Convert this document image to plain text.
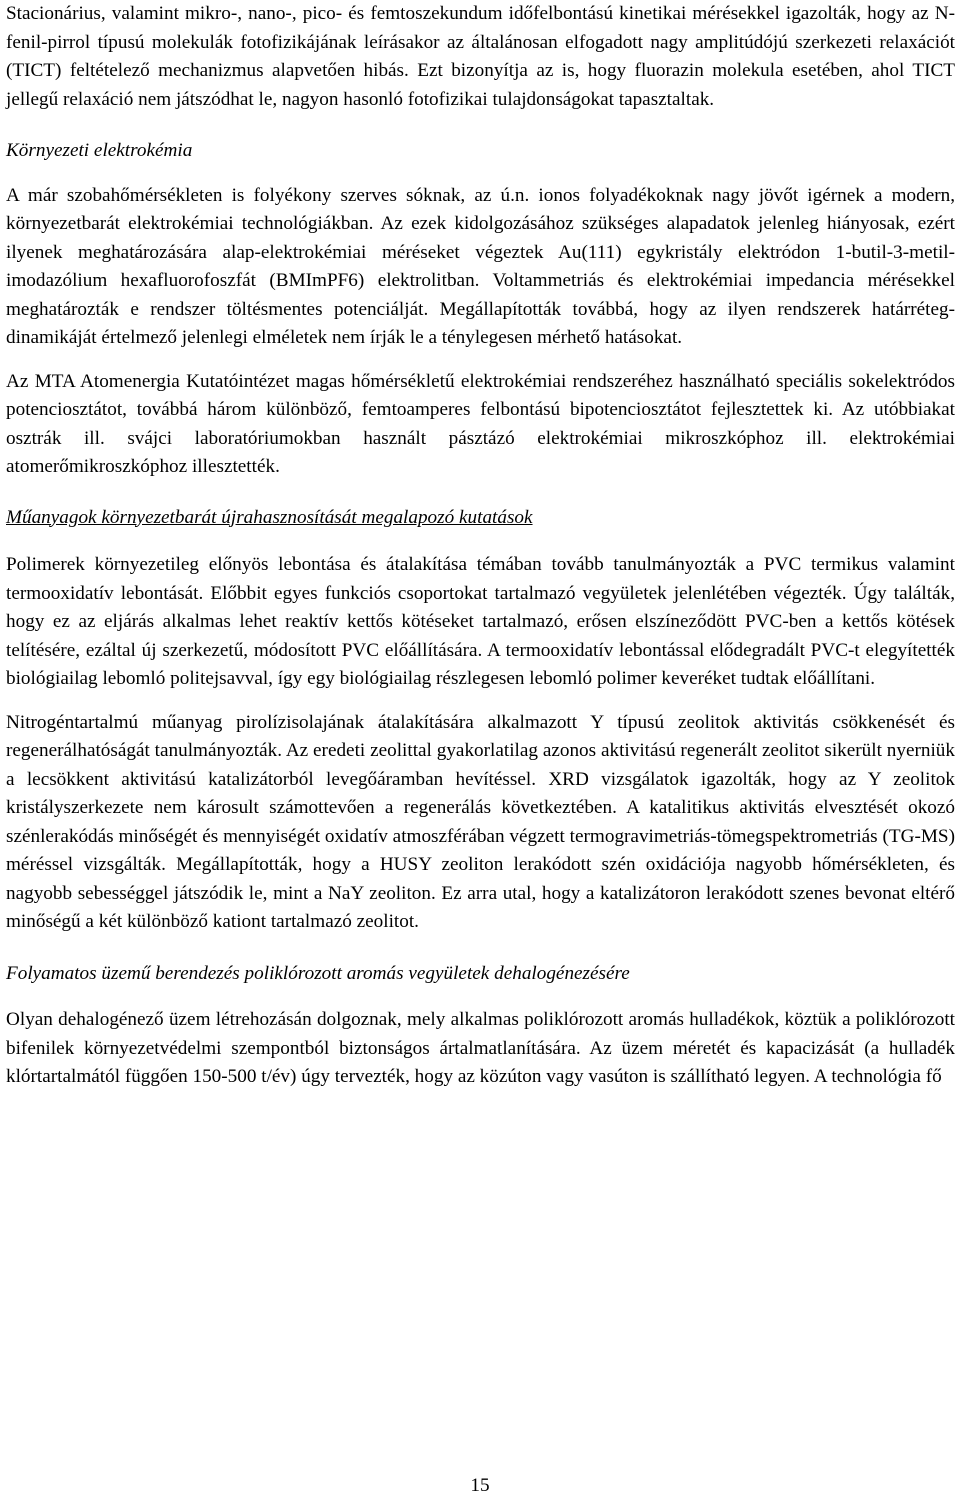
Stacionárius, valamint mikro-, nano-, pico- és femtoszekundum időfelbontású kinetikai mérésekkel igazolták, hogy az N-fenil-pirrol típusú molekulák fotofizikájának leírásakor az általánosan elfogadott nagy amplitúdójú szerkezeti relaxációt (TICT) feltételező mechanizmus alapvetően hibás. Ezt bizonyítja az is, hogy fluorazin molekula esetében, ahol TICT jellegű relaxáció nem játszódhat le, nagyon hasonló fotofizikai tulajdonságokat tapasztaltak.

Környezeti elektrokémia

A már szobahőmérsékleten is folyékony szerves sóknak, az ú.n. ionos folyadékoknak nagy jövőt igérnek a modern, környezetbarát elektrokémiai technológiákban. Az ezek kidolgozásához szükséges alapadatok jelenleg hiányosak, ezért ilyenek meghatározására alap-elektrokémiai méréseket végeztek Au(111) egykristály elektródon 1-butil-3-metil-imodazólium hexafluorofoszfát (BMImPF6) elektrolitban. Voltammetriás és elektrokémiai impedancia mérésekkel meghatározták e rendszer töltésmentes potenciálját. Megállapították továbbá, hogy az ilyen rendszerek határréteg-dinamikáját értelmező jelenlegi elméletek nem írják le a ténylegesen mérhető hatásokat.

Az MTA Atomenergia Kutatóintézet magas hőmérsékletű elektrokémiai rendszeréhez használható speciális sokelektródos potenciosztátot, továbbá három különböző, femtoamperes felbontású bipotenciosztátot fejlesztettek ki. Az utóbbiakat osztrák ill. svájci laboratóriumokban használt pásztázó elektrokémiai mikroszkóphoz ill. elektrokémiai atomerőmikroszkóphoz illesztették.

Műanyagok környezetbarát újrahasznosítását megalapozó kutatások

Polimerek környezetileg előnyös lebontása és átalakítása témában tovább tanulmányozták a PVC termikus valamint termooxidatív lebontását. Előbbit egyes funkciós csoportokat tartalmazó vegyületek jelenlétében végezték. Úgy találták, hogy ez az eljárás alkalmas lehet reaktív kettős kötéseket tartalmazó, erősen elszíneződött PVC-ben a kettős kötések telítésére, ezáltal új szerkezetű, módosított PVC előállítására. A termooxidatív lebontással elődegradált PVC-t elegyítették biológiailag lebomló politejsavval, így egy biológiailag részlegesen lebomló polimer keveréket tudtak előállítani.

Nitrogéntartalmú műanyag pirolízisolajának átalakítására alkalmazott Y típusú zeolitok aktivitás csökkenését és regenerálhatóságát tanulmányozták. Az eredeti zeolittal gyakorlatilag azonos aktivitású regenerált zeolitot sikerült nyerniük a lecsökkent aktivitású katalizátorból levegőáramban hevítéssel. XRD vizsgálatok igazolták, hogy az Y zeolitok kristályszerkezete nem károsult számottevően a regenerálás következtében. A katalitikus aktivitás elvesztését okozó szénlerakódás minőségét és mennyiségét oxidatív atmoszférában végzett termogravimetriás-tömegspektrometriás (TG-MS) méréssel vizsgálták. Megállapították, hogy a HUSY zeoliton lerakódott szén oxidációja nagyobb hőmérsékleten, és nagyobb sebességgel játszódik le, mint a NaY zeoliton. Ez arra utal, hogy a katalizátoron lerakódott szenes bevonat eltérő minőségű a két különböző kationt tartalmazó zeolitot.

Folyamatos üzemű berendezés poliklórozott aromás vegyületek dehalogénezésére

Olyan dehalogénező üzem létrehozásán dolgoznak, mely alkalmas poliklórozott aromás hulladékok, köztük a poliklórozott bifenilek környezetvédelmi szempontból biztonságos ártalmatlanítására. Az üzem méretét és kapacizását (a hulladék klórtartalmától függően 150-500 t/év) úgy tervezték, hogy az közúton vagy vasúton is szállítható legyen. A technológia fő

15
